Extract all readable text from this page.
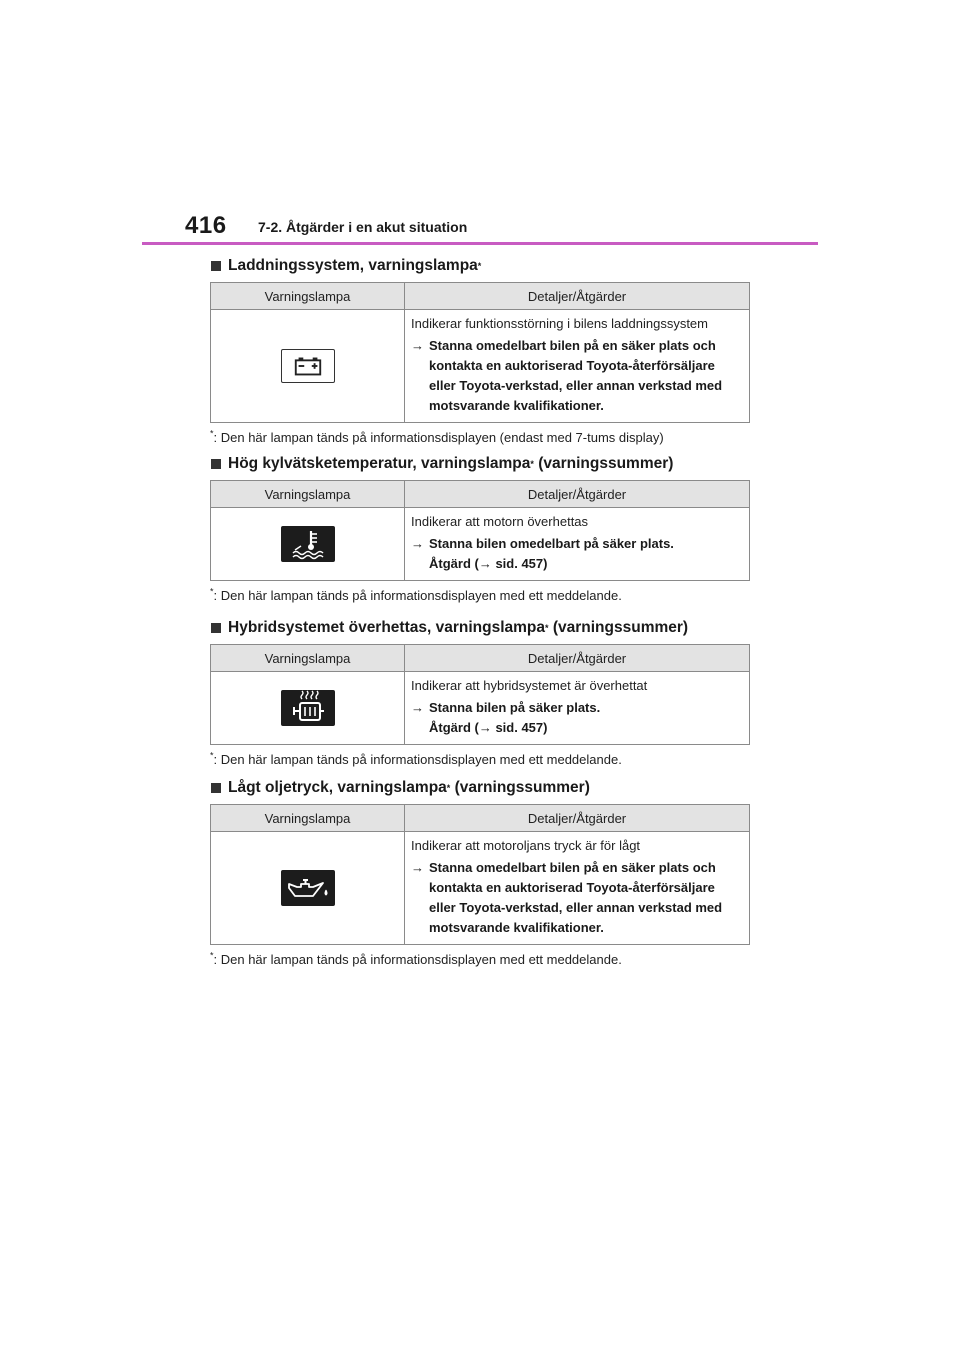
416 7-2. Åtgärder i en akut situation
Laddningssystem, varningslampa *
Varningslampa	Detaljer/Åtgärder

Indikerar funktionsstörning i bilens laddningssystem
→ Stanna omedelbart bilen på en säker plats och kontakta en auktoriserad Toyota-återförsäljare eller Toyota-verkstad, eller annan verkstad med motsvarande kvalifikationer.
*: Den här lampan tänds på informationsdisplayen (endast med 7-tums display)
Hög kylvätsketemperatur, varningslampa * (varningssummer)
Varningslampa	Detaljer/Åtgärder

Indikerar att motorn överhettas
→ Stanna bilen omedelbart på säker plats.
Åtgärd (→ sid. 457)
*: Den här lampan tänds på informationsdisplayen med ett meddelande.
Hybridsystemet överhettas, varningslampa * (varningssummer)
Varningslampa	Detaljer/Åtgärder

Indikerar att hybridsystemet är överhettat
→ Stanna bilen på säker plats.
Åtgärd (→ sid. 457)
*: Den här lampan tänds på informationsdisplayen med ett meddelande.
Lågt oljetryck, varningslampa * (varningssummer)
Varningslampa	Detaljer/Åtgärder

Indikerar att motoroljans tryck är för lågt
→ Stanna omedelbart bilen på en säker plats och kontakta en auktoriserad Toyota-återförsäljare eller Toyota-verkstad, eller annan verkstad med motsvarande kvalifikationer.
*: Den här lampan tänds på informationsdisplayen med ett meddelande.
